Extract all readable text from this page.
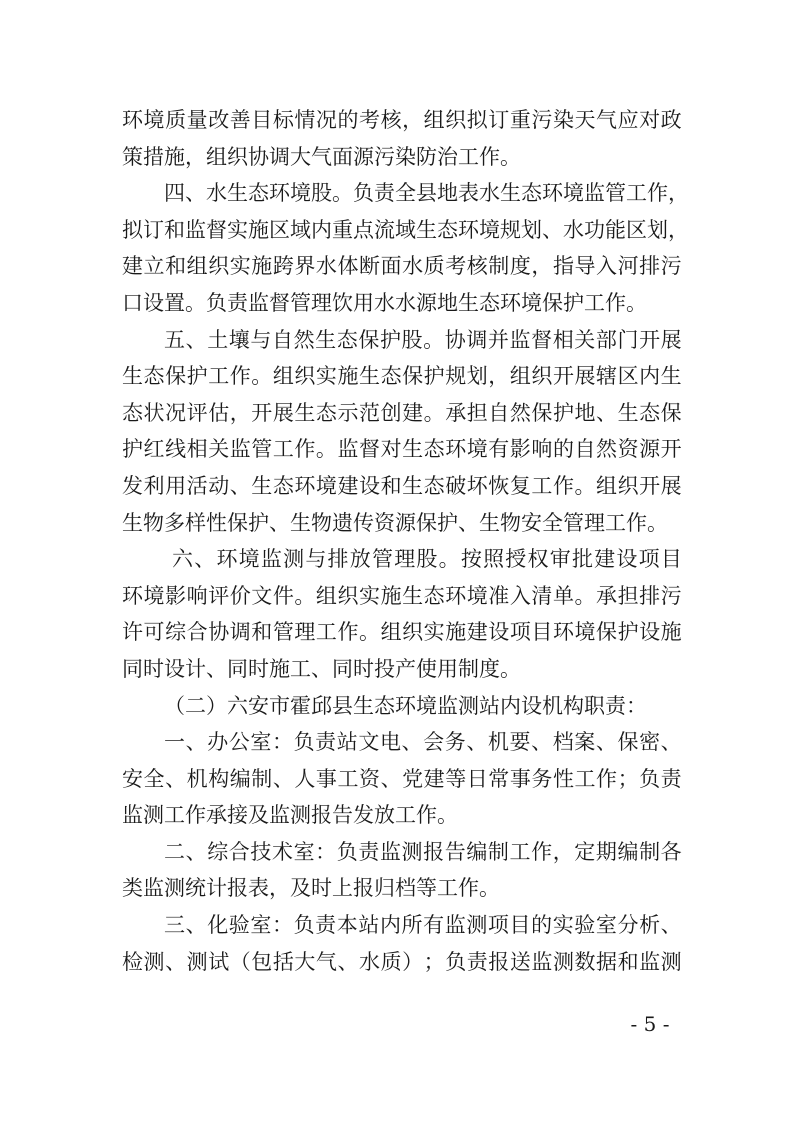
环 境 质 量 改 善 目 标 情 况 的 考 核 ， 组 织 拟 订 重 污 染 天 气 应 对 政
策措施，组织协调大气面源污染防治工作。
四 、 水 生 态 环 境 股 。 负 责 全 县 地 表 水 生 态 环 境 监 管 工 作 ，
拟 订 和 监 督 实 施 区 域 内 重 点 流 域 生 态 环 境 规 划 、 水 功 能 区 划 ，
建 立 和 组 织 实 施 跨 界 水 体 断 面 水 质 考 核 制 度 ， 指 导 入 河 排 污
口设置。负责监督管理饮用水水源地生态环境保护工作。
五 、 土 壤 与 自 然 生 态 保 护 股 。 协 调 并 监 督 相 关 部 门 开 展
生 态 保 护 工 作 。 组 织 实 施 生 态 保 护 规 划 ， 组 织 开 展 辖 区 内 生
态 状 况 评 估 ， 开 展 生 态 示 范 创 建 。 承 担 自 然 保 护 地 、 生 态 保
护 红 线 相 关 监 管 工 作 。 监 督 对 生 态 环 境 有 影 响 的 自 然 资 源 开
发 利 用 活 动 、 生 态 环 境 建 设 和 生 态 破 坏 恢 复 工 作 。 组 织 开 展
生物多样性保护、生物遗传资源保护、生物安全管理工作。
六 、 环 境 监 测 与 排 放 管 理 股 。 按 照 授 权 审 批 建 设 项 目
环 境 影 响 评 价 文 件 。 组 织 实 施 生 态 环 境 准 入 清 单 。 承 担 排 污
许 可 综 合 协 调 和 管 理 工 作 。 组 织 实 施 建 设 项 目 环 境 保 护 设 施
同时设计、同时施工、同时投产使用制度。
（二）六安市霍邱县生态环境监测站内设机构职责：
一 、 办 公 室 ： 负 责 站 文 电 、 会 务 、 机 要 、 档 案 、 保 密 、
安 全 、 机 构 编 制 、 人 事 工 资 、 党 建 等 日 常 事 务 性 工 作 ； 负 责
监测工作承接及监测报告发放工作。
二 、 综 合 技 术 室 ： 负 责 监 测 报 告 编 制 工 作 ， 定 期 编 制 各
类监测统计报表，及时上报归档等工作。
三 、 化 验 室 ： 负 责 本 站 内 所 有 监 测 项 目 的 实 验 室 分 析 、
检 测 、 测 试 （ 包 括 大 气 、 水 质 ） ； 负 责 报 送 监 测 数 据 和 监 测
- 5 -
